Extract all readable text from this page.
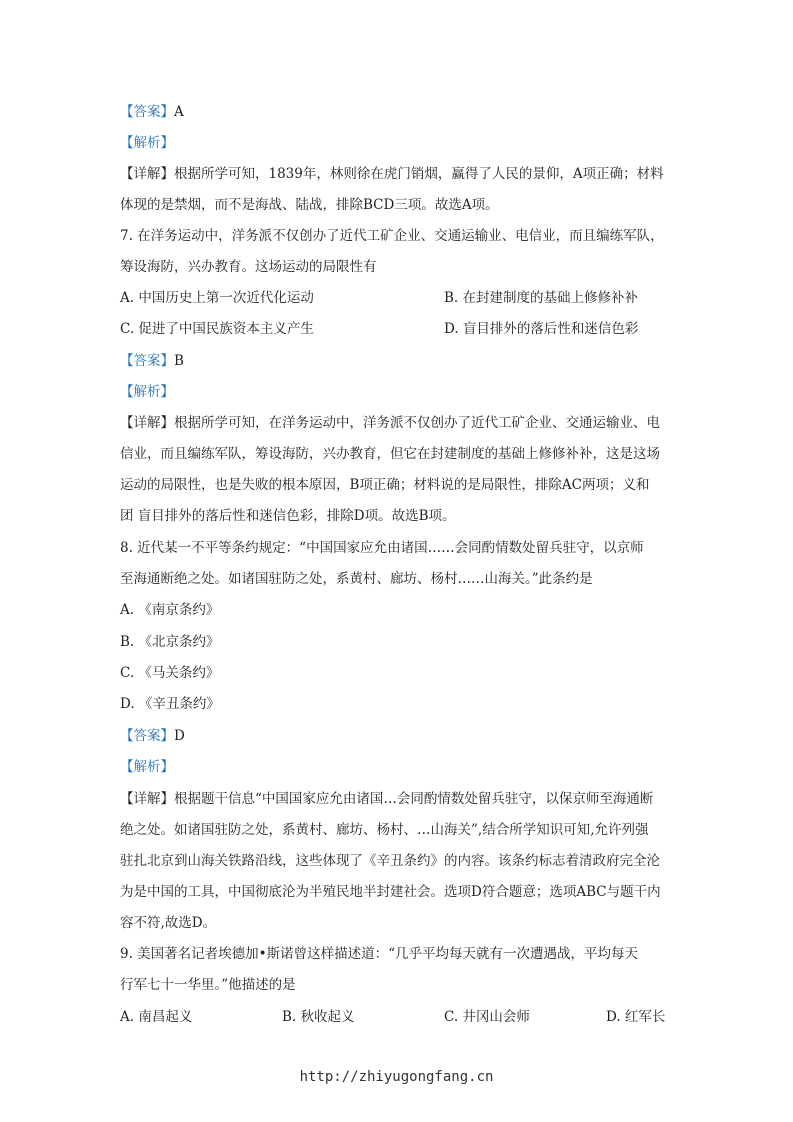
【答案】A
【解析】
【详解】根据所学可知，1839年，林则徐在虎门销烟，赢得了人民的景仰，A项正确；材料
体现的是禁烟，而不是海战、陆战，排除BCD三项。故选A项。
7. 在洋务运动中，洋务派不仅创办了近代工矿企业、交通运输业、电信业，而且编练军队，
筹设海防，兴办教育。这场运动的局限性有
A. 中国历史上第一次近代化运动	B. 在封建制度的基础上修修补补
C. 促进了中国民族资本主义产生	D. 盲目排外的落后性和迷信色彩
【答案】B
【解析】
【详解】根据所学可知，在洋务运动中，洋务派不仅创办了近代工矿企业、交通运输业、电
信业，而且编练军队，筹设海防，兴办教育，但它在封建制度的基础上修修补补，这是这场
运动的局限性，也是失败的根本原因，B项正确；材料说的是局限性，排除AC两项；义和
团 盲目排外的落后性和迷信色彩，排除D项。故选B项。
8. 近代某一不平等条约规定：“中国国家应允由诸国……会同酌情数处留兵驻守，以京师
至海通断绝之处。如诸国驻防之处，系黄村、廊坊、杨村……山海关。”此条约是
A. 《南京条约》
B. 《北京条约》
C. 《马关条约》
D. 《辛丑条约》
【答案】D
【解析】
【详解】根据题干信息“中国国家应允由诸国…会同酌情数处留兵驻守，以保京师至海通断
绝之处。如诸国驻防之处，系黄村、廊坊、杨村、…山海关”,结合所学知识可知,允许列强
驻扎北京到山海关铁路沿线，这些体现了《辛丑条约》的内容。该条约标志着清政府完全沦
为是中国的工具，中国彻底沦为半殖民地半封建社会。选项D符合题意；选项ABC与题干内
容不符,故选D。
9. 美国著名记者埃德加•斯诺曾这样描述道：“几乎平均每天就有一次遭遇战，平均每天
行军七十一华里。”他描述的是
A. 南昌起义	B. 秋收起义	C. 井冈山会师	D. 红军长
http://zhiyugongfang.cn
